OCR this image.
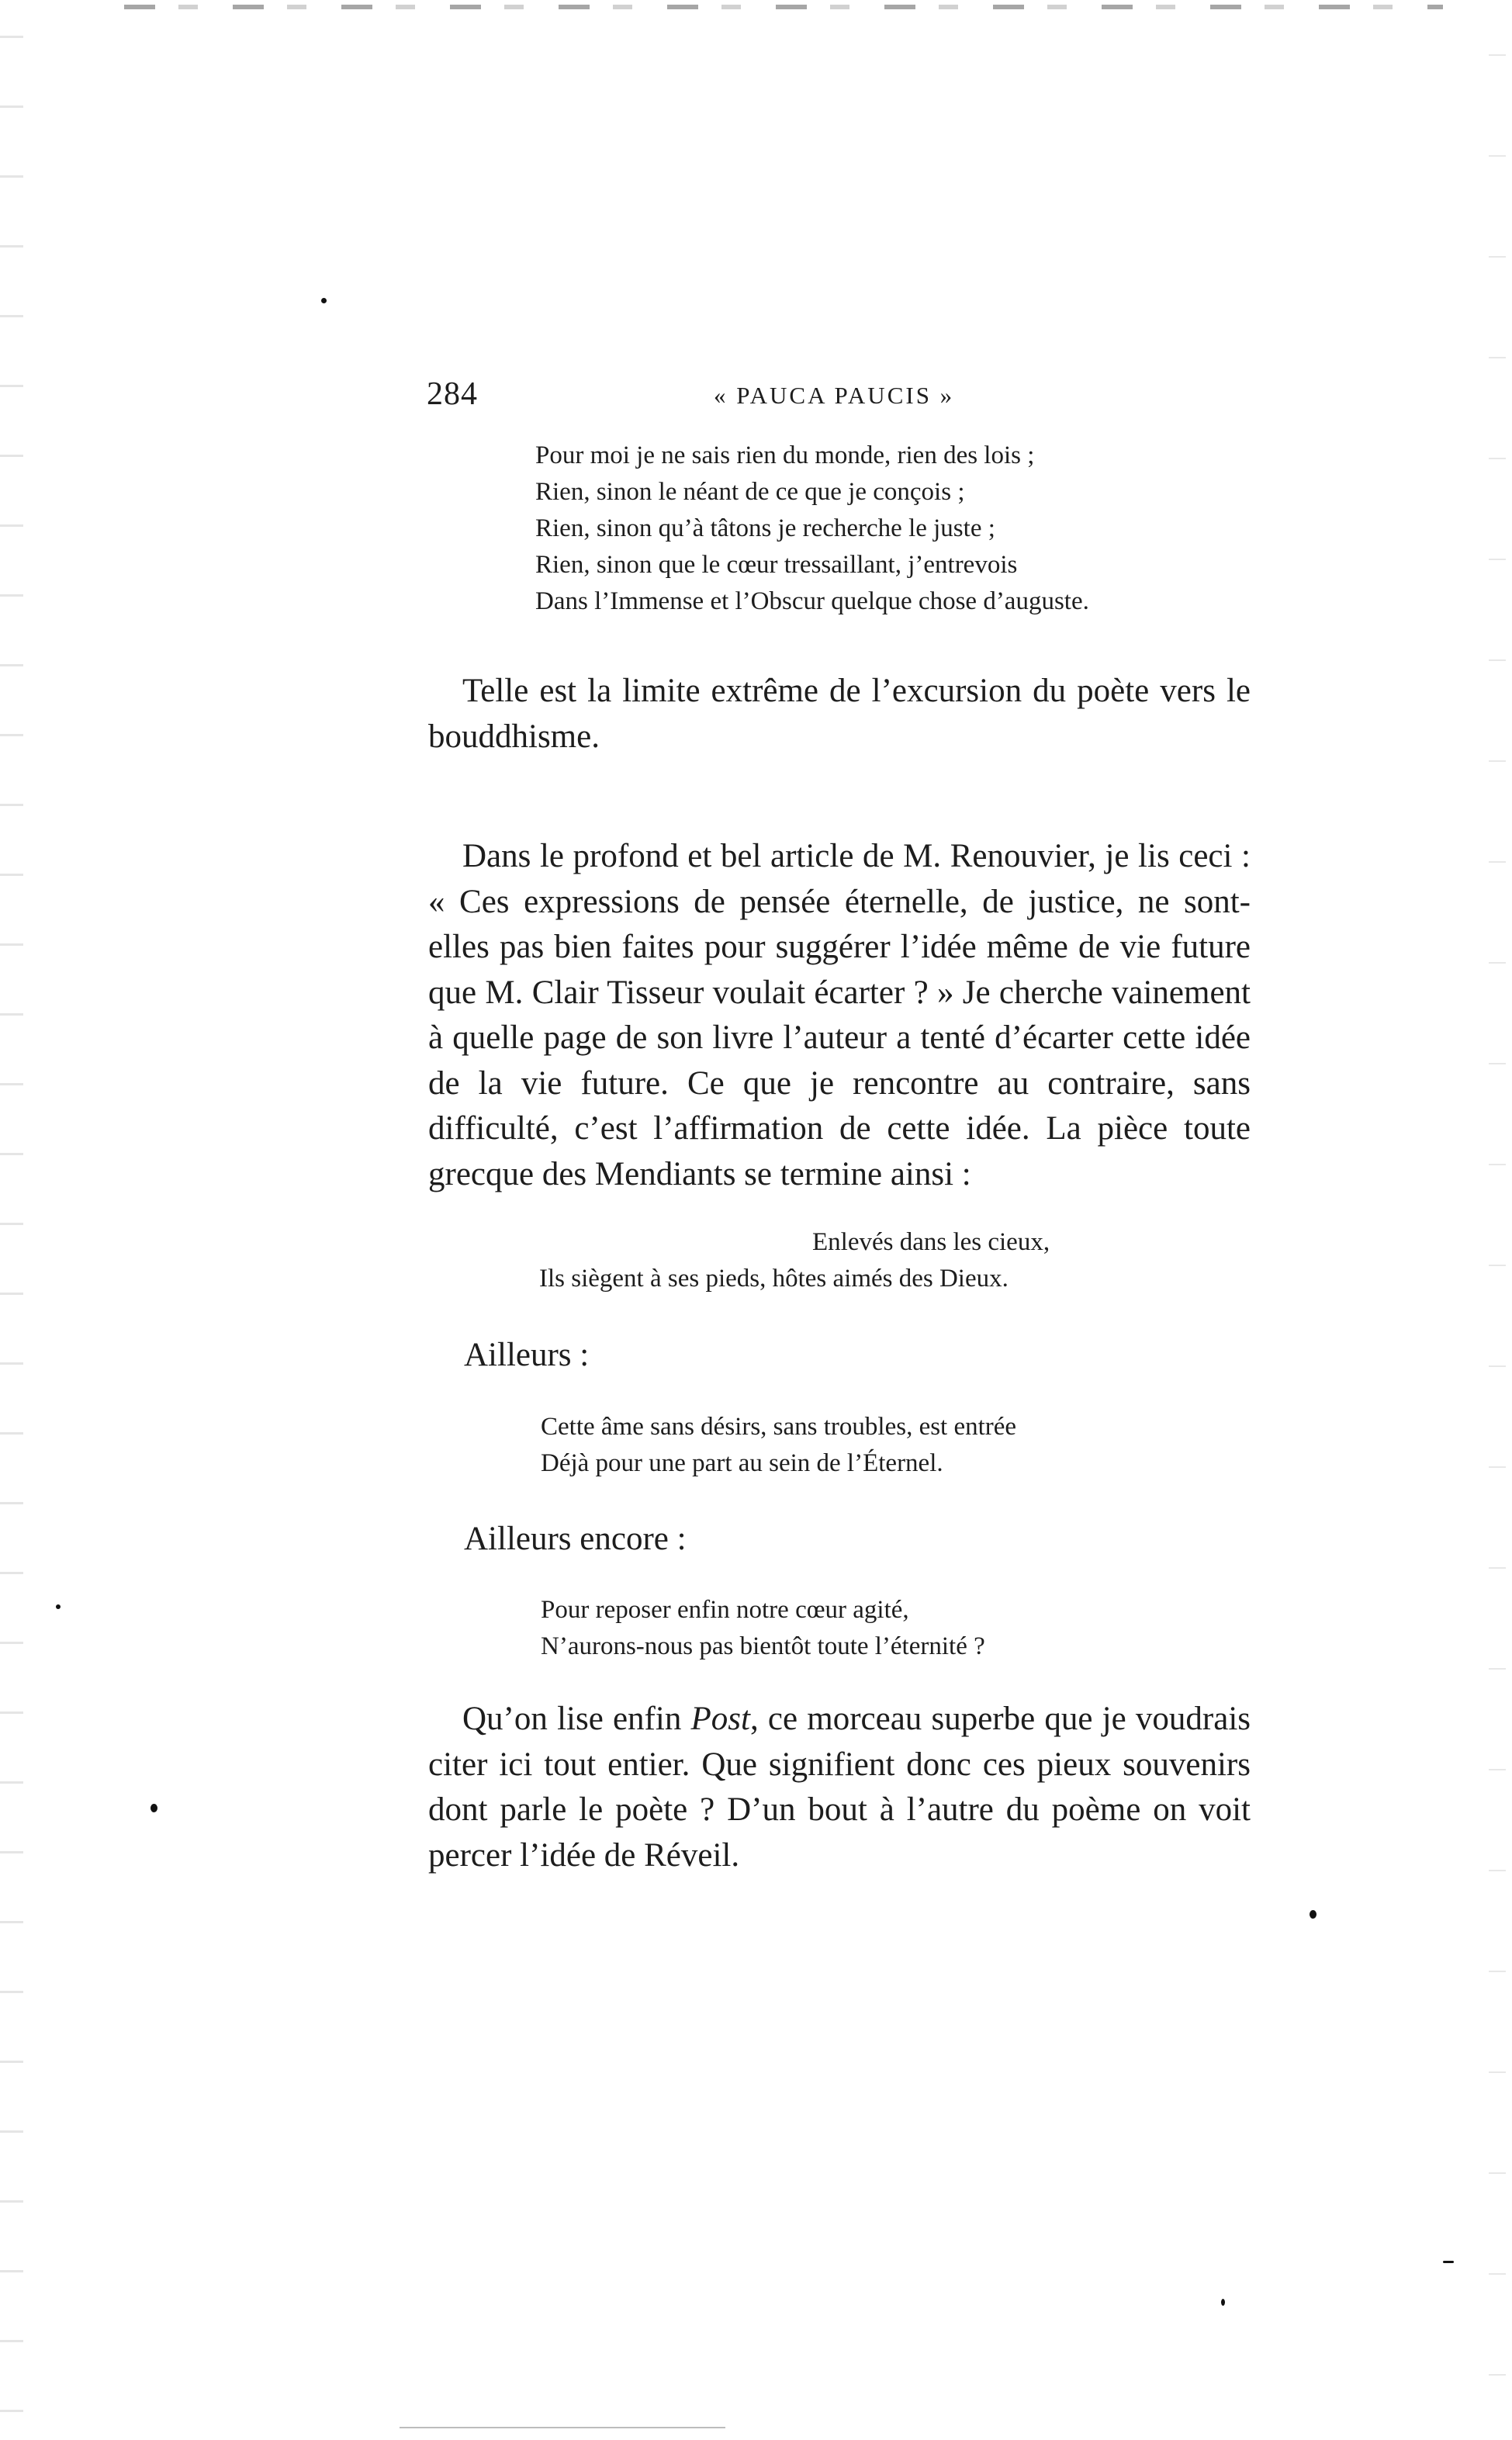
284	« PAUCA PAUCIS »
Pour moi je ne sais rien du monde, rien des lois ;
Rien, sinon le néant de ce que je conçois ;
Rien, sinon qu’à tâtons je recherche le juste ;
Rien, sinon que le cœur tressaillant, j’entrevois
Dans l’Immense et l’Obscur quelque chose d’auguste.

Telle est la limite extrême de l’excursion du poète vers le bouddhisme.

Dans le profond et bel article de M. Renouvier, je lis ceci : « Ces expressions de pensée éternelle, de justice, ne sont-elles pas bien faites pour suggérer l’idée même de vie future que M. Clair Tisseur voulait écarter ? » Je cherche vainement à quelle page de son livre l’auteur a tenté d’écarter cette idée de la vie future. Ce que je rencontre au contraire, sans difficulté, c’est l’affirmation de cette idée. La pièce toute grecque des Mendiants se termine ainsi :

Enlevés dans les cieux,
Ils siègent à ses pieds, hôtes aimés des Dieux.

Ailleurs :

Cette âme sans désirs, sans troubles, est entrée
Déjà pour une part au sein de l’Éternel.

Ailleurs encore :

Pour reposer enfin notre cœur agité,
N’aurons-nous pas bientôt toute l’éternité ?

Qu’on lise enfin Post, ce morceau superbe que je voudrais citer ici tout entier. Que signifient donc ces pieux souvenirs dont parle le poète ? D’un bout à l’autre du poème on voit percer l’idée de Réveil.
